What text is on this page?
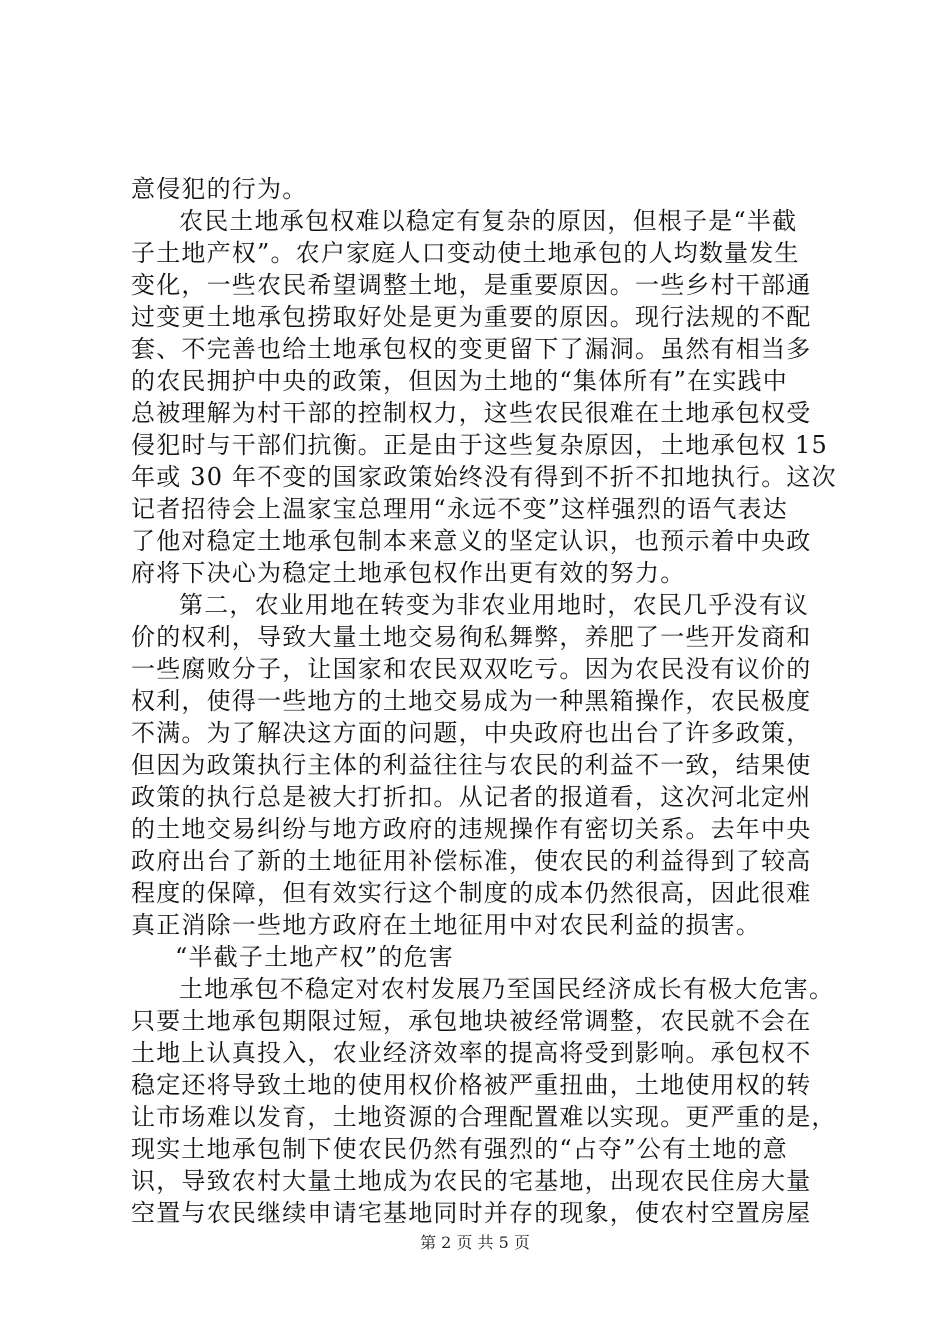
意侵犯的行为。
农民土地承包权难以稳定有复杂的原因，但根子是“半截
子土地产权”。农户家庭人口变动使土地承包的人均数量发生
变化，一些农民希望调整土地，是重要原因。一些乡村干部通
过变更土地承包捞取好处是更为重要的原因。现行法规的不配
套、不完善也给土地承包权的变更留下了漏洞。虽然有相当多
的农民拥护中央的政策，但因为土地的“集体所有”在实践中
总被理解为村干部的控制权力，这些农民很难在土地承包权受
侵犯时与干部们抗衡。正是由于这些复杂原因，土地承包权 15
年或 30 年不变的国家政策始终没有得到不折不扣地执行。这次
记者招待会上温家宝总理用“永远不变”这样强烈的语气表达
了他对稳定土地承包制本来意义的坚定认识，也预示着中央政
府将下决心为稳定土地承包权作出更有效的努力。
第二，农业用地在转变为非农业用地时，农民几乎没有议
价的权利，导致大量土地交易徇私舞弊，养肥了一些开发商和
一些腐败分子，让国家和农民双双吃亏。因为农民没有议价的
权利，使得一些地方的土地交易成为一种黑箱操作，农民极度
不满。为了解决这方面的问题，中央政府也出台了许多政策，
但因为政策执行主体的利益往往与农民的利益不一致，结果使
政策的执行总是被大打折扣。从记者的报道看，这次河北定州
的土地交易纠纷与地方政府的违规操作有密切关系。去年中央
政府出台了新的土地征用补偿标准，使农民的利益得到了较高
程度的保障，但有效实行这个制度的成本仍然很高，因此很难
真正消除一些地方政府在土地征用中对农民利益的损害。
“半截子土地产权”的危害
土地承包不稳定对农村发展乃至国民经济成长有极大危害。
只要土地承包期限过短，承包地块被经常调整，农民就不会在
土地上认真投入，农业经济效率的提高将受到影响。承包权不
稳定还将导致土地的使用权价格被严重扭曲，土地使用权的转
让市场难以发育，土地资源的合理配置难以实现。更严重的是，
现实土地承包制下使农民仍然有强烈的“占夺”公有土地的意
识，导致农村大量土地成为农民的宅基地，出现农民住房大量
空置与农民继续申请宅基地同时并存的现象，使农村空置房屋
第 2 页 共 5 页
